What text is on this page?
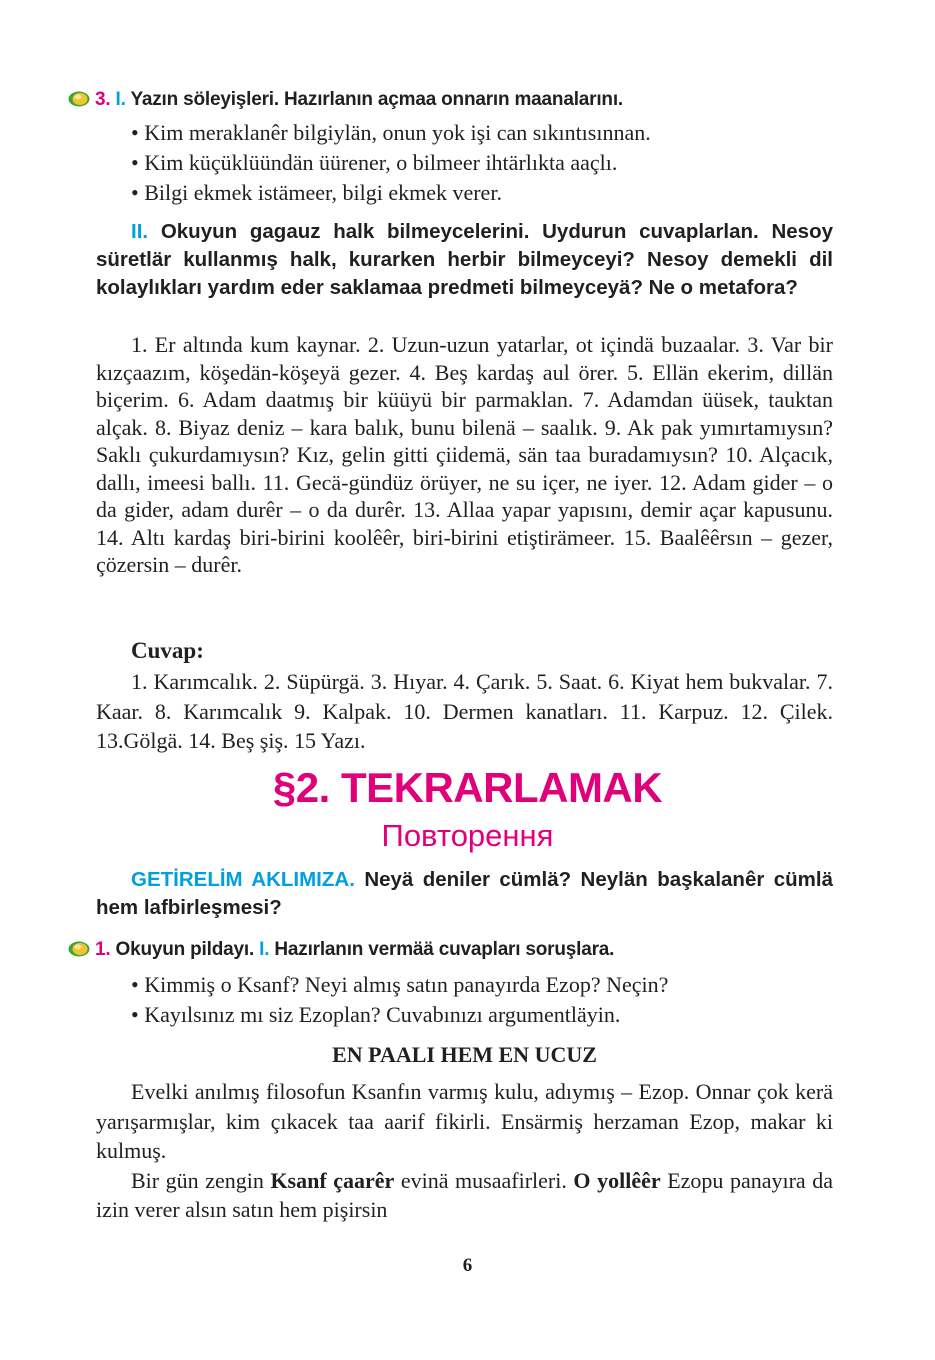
3. I. Yazın söleyişleri. Hazırlanın açmaa onnarın maanalarını.
• Kim meraklanêr bilgiylän, onun yok işi can sıkıntısınnan.
• Kim küçüklüündän üürener, o bilmeer ihtärlıkta aaçlı.
• Bilgi ekmek istämeer, bilgi ekmek verer.
II. Okuyun gagauz halk bilmeycelerini. Uydurun cuvaplarlan. Nesoy süretlär kullanmış halk, kurarken herbir bilmeyceyi? Nesoy demekli dil kolaylıkları yardım eder saklamaa predmeti bilmeyceyä? Ne o metafora?

1. Er altında kum kaynar. 2. Uzun-uzun yatarlar, ot içindä buzaalar. 3. Var bir kızçaazım, köşedän-köşeyä gezer. 4. Beş kardaş aul örer. 5. Ellän ekerim, dillän biçerim. 6. Adam daatmış bir küüyü bir parmaklan. 7. Adamdan üüsek, tauktan alçak. 8. Biyaz deniz – kara balık, bunu bilenä – saalık. 9. Ak pak yımırtamıysın? Saklı çukurdamıysın? Kız, gelin gitti çiidemä, sän taa buradamıysın? 10. Alçacık, dallı, imeesi ballı. 11. Gecä-gündüz örüyer, ne su içer, ne iyer. 12. Adam gider – o da gider, adam durêr – o da durêr. 13. Allaa yapar yapısını, demir açar kapusunu. 14. Altı kardaş biri-birini koolêêr, biri-birini etiştirämeer. 15. Baalêêrsın – gezer, çözersin – durêr.

Cuvap:

1. Karımcalık. 2. Süpürgä. 3. Hıyar. 4. Çarık. 5. Saat. 6. Kiyat hem bukvalar. 7. Kaar. 8. Karımcalık 9. Kalpak. 10. Dermen kanatları. 11. Karpuz. 12. Çilek. 13.Gölgä. 14. Beş şiş. 15 Yazı.

§2. TEKRARLAMAK
Повторення
GETİRELİM AKLIMIZA. Neyä deniler cümlä? Neylän başkalanêr cümlä hem lafbirleşmesi?
1. Okuyun pildayı. I. Hazırlanın vermää cuvapları soruşlara.
• Kimmiş o Ksanf? Neyi almış satın panayırda Ezop? Neçin?
• Kayılsınız mı siz Ezoplan? Cuvabınızı argumentläyin.
EN PAALI HEM EN UCUZ

Evelki anılmış filosofun Ksanfın varmış kulu, adıymış – Ezop. Onnar çok kerä yarışarmışlar, kim çıkacek taa aarif fikirli. Ensärmiş herzaman Ezop, makar ki kulmuş.

Bir gün zengin Ksanf çaarêr evinä musaafirleri. O yollêêr Ezopu panayıra da izin verer alsın satın hem pişirsin

6
